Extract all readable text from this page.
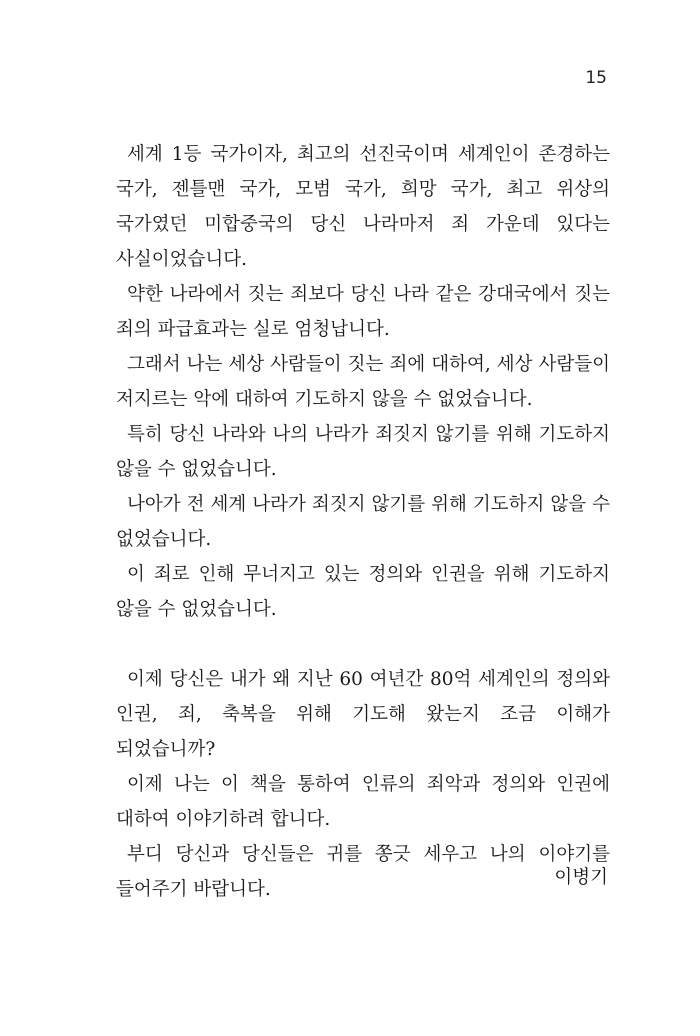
15

세계 1등 국가이자, 최고의 선진국이며 세계인이 존경하는 국가, 젠틀맨 국가, 모범 국가, 희망 국가, 최고 위상의 국가였던 미합중국의 당신 나라마저 죄 가운데 있다는 사실이었습니다.

약한 나라에서 짓는 죄보다 당신 나라 같은 강대국에서 짓는 죄의 파급효과는 실로 엄청납니다.

그래서 나는 세상 사람들이 짓는 죄에 대하여, 세상 사람들이 저지르는 악에 대하여 기도하지 않을 수 없었습니다.

특히 당신 나라와 나의 나라가 죄짓지 않기를 위해 기도하지 않을 수 없었습니다.

나아가 전 세계 나라가 죄짓지 않기를 위해 기도하지 않을 수 없었습니다.

이 죄로 인해 무너지고 있는 정의와 인권을 위해 기도하지 않을 수 없었습니다.

이제 당신은 내가 왜 지난 60 여년간 80억 세계인의 정의와 인권, 죄, 축복을 위해 기도해 왔는지 조금 이해가 되었습니까?

이제 나는 이 책을 통하여 인류의 죄악과 정의와 인권에 대하여 이야기하려 합니다.

부디 당신과 당신들은 귀를 쫑긋 세우고 나의 이야기를 들어주기 바랍니다.

이병기
